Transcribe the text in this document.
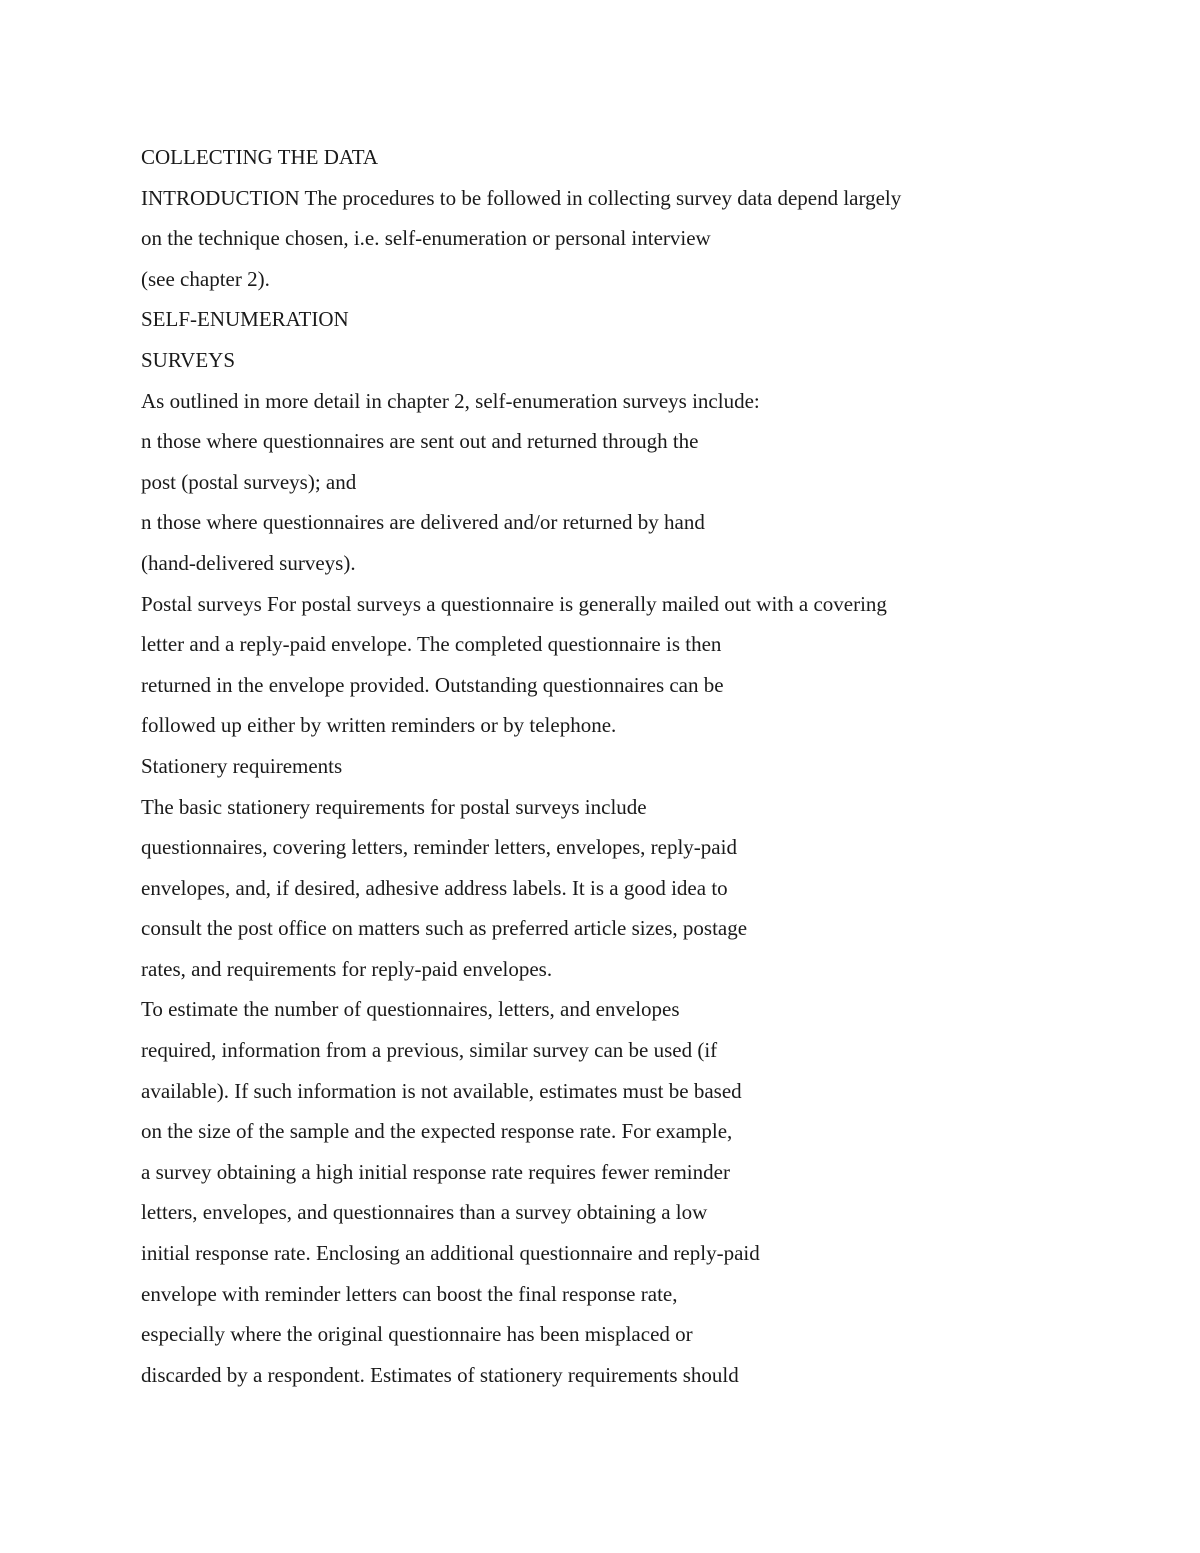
COLLECTING THE DATA
INTRODUCTION The procedures to be followed in collecting survey data depend largely
on the technique chosen, i.e. self-enumeration or personal interview
(see chapter 2).
SELF-ENUMERATION
SURVEYS
As outlined in more detail in chapter 2, self-enumeration surveys include:
n those where questionnaires are sent out and returned through the
post (postal surveys); and
n those where questionnaires are delivered and/or returned by hand
(hand-delivered surveys).
Postal surveys For postal surveys a questionnaire is generally mailed out with a covering
letter and a reply-paid envelope. The completed questionnaire is then
returned in the envelope provided. Outstanding questionnaires can be
followed up either by written reminders or by telephone.
Stationery requirements
The basic stationery requirements for postal surveys include
questionnaires, covering letters, reminder letters, envelopes, reply-paid
envelopes, and, if desired, adhesive address labels. It is a good idea to
consult the post office on matters such as preferred article sizes, postage
rates, and requirements for reply-paid envelopes.
To estimate the number of questionnaires, letters, and envelopes
required, information from a previous, similar survey can be used (if
available). If such information is not available, estimates must be based
on the size of the sample and the expected response rate. For example,
a survey obtaining a high initial response rate requires fewer reminder
letters, envelopes, and questionnaires than a survey obtaining a low
initial response rate. Enclosing an additional questionnaire and reply-paid
envelope with reminder letters can boost the final response rate,
especially where the original questionnaire has been misplaced or
discarded by a respondent. Estimates of stationery requirements should
